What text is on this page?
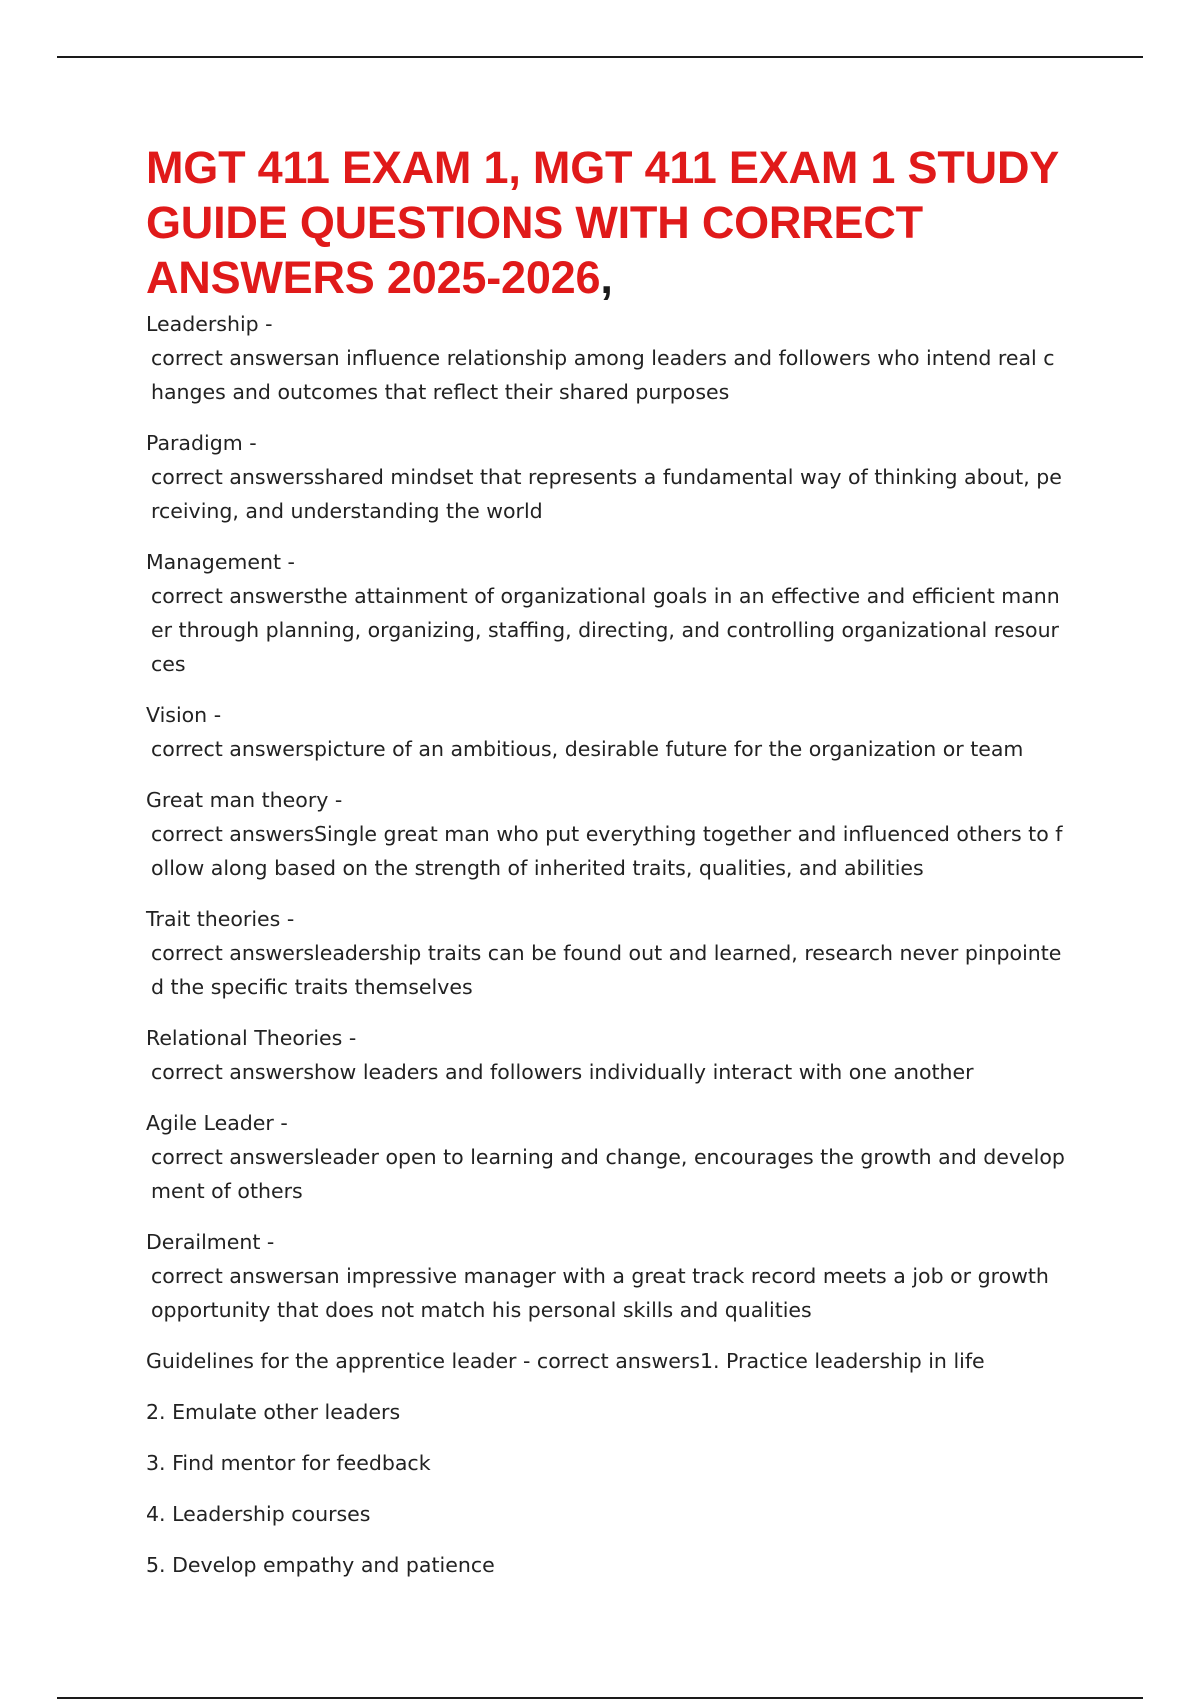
MGT 411 EXAM 1, MGT 411 EXAM 1 STUDY GUIDE QUESTIONS WITH CORRECT ANSWERS 2025-2026,
Leadership -
correct answersan influence relationship among leaders and followers who intend real changes and outcomes that reflect their shared purposes
Paradigm -
correct answersshared mindset that represents a fundamental way of thinking about, perceiving, and understanding the world
Management -
correct answersthe attainment of organizational goals in an effective and efficient manner through planning, organizing, staffing, directing, and controlling organizational resources
Vision -
correct answerspicture of an ambitious, desirable future for the organization or team
Great man theory -
correct answersSingle great man who put everything together and influenced others to follow along based on the strength of inherited traits, qualities, and abilities
Trait theories -
correct answersleadership traits can be found out and learned, research never pinpointed the specific traits themselves
Relational Theories -
correct answershow leaders and followers individually interact with one another
Agile Leader -
correct answersleader open to learning and change, encourages the growth and development of others
Derailment -
correct answersan impressive manager with a great track record meets a job or growth opportunity that does not match his personal skills and qualities
Guidelines for the apprentice leader - correct answers1. Practice leadership in life
2. Emulate other leaders
3. Find mentor for feedback
4. Leadership courses
5. Develop empathy and patience
